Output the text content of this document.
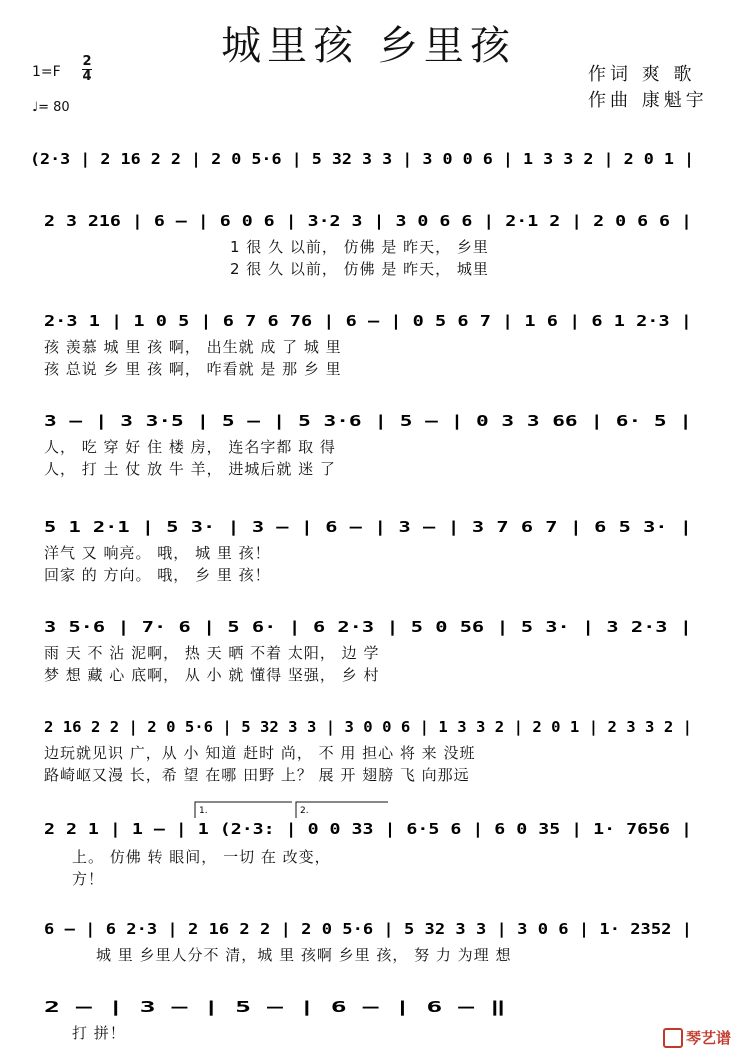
城里孩 乡里孩
1=F
2
4
♩= 80
作词 爽 歌
作曲 康魁宇
(2·3 | 2 16 2 2 | 2 0 5·6 | 5 32 3 3 | 3 0 0 6 | 1 3 3 2 | 2 0 1 |
2 3 216 | 6 — | 6 0 6 | 3·2 3 | 3 0 6 6 | 2·1 2 | 2 0 6 6 |
1 很 久 以前， 仿佛 是 昨天， 乡里
2 很 久 以前， 仿佛 是 昨天， 城里
2·3 1 | 1 0 5 | 6 7 6 76 | 6 — | 0 5 6 7 | 1 6 | 6 1 2·3 |
孩 羡慕 城 里 孩 啊， 出生就 成 了 城 里
孩 总说 乡 里 孩 啊， 咋看就 是 那 乡 里
3 — | 3 3·5 | 5 — | 5 3·6 | 5 — | 0 3 3 66 | 6· 5 |
人， 吃 穿 好 住 楼 房， 连名字都 取 得
人， 打 土 仗 放 牛 羊， 进城后就 迷 了
5 1 2·1 | 5 3· | 3 — | 6 — | 3 — | 3 7 6 7 | 6 5 3· |
洋气 又 响亮。 哦， 城 里 孩！
回家 的 方向。 哦， 乡 里 孩！
3 5·6 | 7· 6 | 5 6· | 6 2·3 | 5 0 56 | 5 3· | 3 2·3 |
雨 天 不 沾 泥啊， 热 天 晒 不着 太阳， 边 学
梦 想 藏 心 底啊， 从 小 就 懂得 坚强， 乡 村
2 16 2 2 | 2 0 5·6 | 5 32 3 3 | 3 0 0 6 | 1 3 3 2 | 2 0 1 | 2 3 3 2 |
边玩就见识 广，从 小 知道 赶时 尚， 不 用 担心 将 来 没班
路崎岖又漫 长，希 望 在哪 田野 上？ 展 开 翅膀 飞 向那远
1.	2.
2 2 1 | 1 — | 1 (2·3: | 0 0 33 | 6·5 6 | 6 0 35 | 1· 7656 |
上。 仿佛 转 眼间， 一切 在 改变，
方！
6 — | 6 2·3 | 2 16 2 2 | 2 0 5·6 | 5 32 3 3 | 3 0 6 | 1· 2352 |
城 里 乡里人分不 清，城 里 孩啊 乡里 孩， 努 力 为理 想
2 — | 3 — | 5 — | 6 — | 6 — ‖
打 拼！	琴艺谱
